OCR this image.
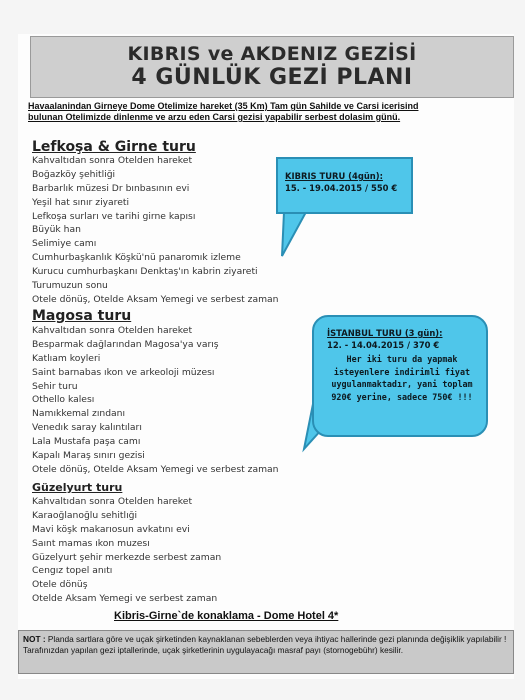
KIBRIS ve AKDENIZ GEZİSİ
4 GÜNLÜK GEZİ PLANI
Havaalanindan Girneye Dome Otelimize hareket (35 Km) Tam gün Sahilde ve Carsi icerisind
bulunan Otelimizde dinlenme ve arzu eden Carsi gezisi yapabilir serbest dolasim günü.
Lefkoşa & Girne turu
Kahvaltıdan sonra Otelden hareket
Boğazköy şehitliği
Barbarlık müzesi Dr bınbasının evi
Yeşil hat sınır ziyareti
Lefkoşa surları ve tarihi girne kapısı
Büyük han
Selimiye camı
Cumhurbaşkanlık Köşkü'nü panaromık izleme
Kurucu cumhurbaşkanı Denktaş'ın kabrin ziyareti
Turumuzun sonu
Otele dönüş, Otelde Aksam Yemegi ve serbest zaman
Magosa turu
Kahvaltıdan sonra Otelden hareket
Besparmak dağlarından Magosa'ya varış
Katlıam koyleri
Saint barnabas ıkon ve arkeoloji müzesı
Sehir turu
Othello kalesı
Namıkkemal zındanı
Venedık saray kalıntıları
Lala Mustafa paşa camı
Kapalı Maraş sınırı gezisi
Otele dönüş, Otelde Aksam Yemegi ve serbest zaman
Güzelyurt turu
Kahvaltıdan sonra Otelden hareket
Karaoğlanoğlu sehitlıği
Mavi köşk makarıosun avkatını evi
Saınt mamas ıkon muzesı
Güzelyurt şehir merkezde serbest zaman
Cengız topel anıtı
Otele dönüş
Otelde Aksam Yemegi ve serbest zaman
Kibris-Girne`de konaklama - Dome Hotel 4*
NOT : Planda sartlara göre ve uçak şirketinden kaynaklanan sebeblerden veya ihtiyac hallerinde gezi planında değişiklik yapılabilir ! Tarafınızdan yapılan gezi iptallerinde, uçak şirketlerinin uygulayacağı masraf payı (stornogebühr) kesilir.
KIBRIS TURU (4gün):
15. - 19.04.2015 / 550 €
İSTANBUL TURU (3 gün):
12. - 14.04.2015 / 370 €
Her iki turu da yapmak isteyenlere indirimli fiyat uygulanmaktadır, yani toplam 920€ yerine, sadece 750€ !!!
